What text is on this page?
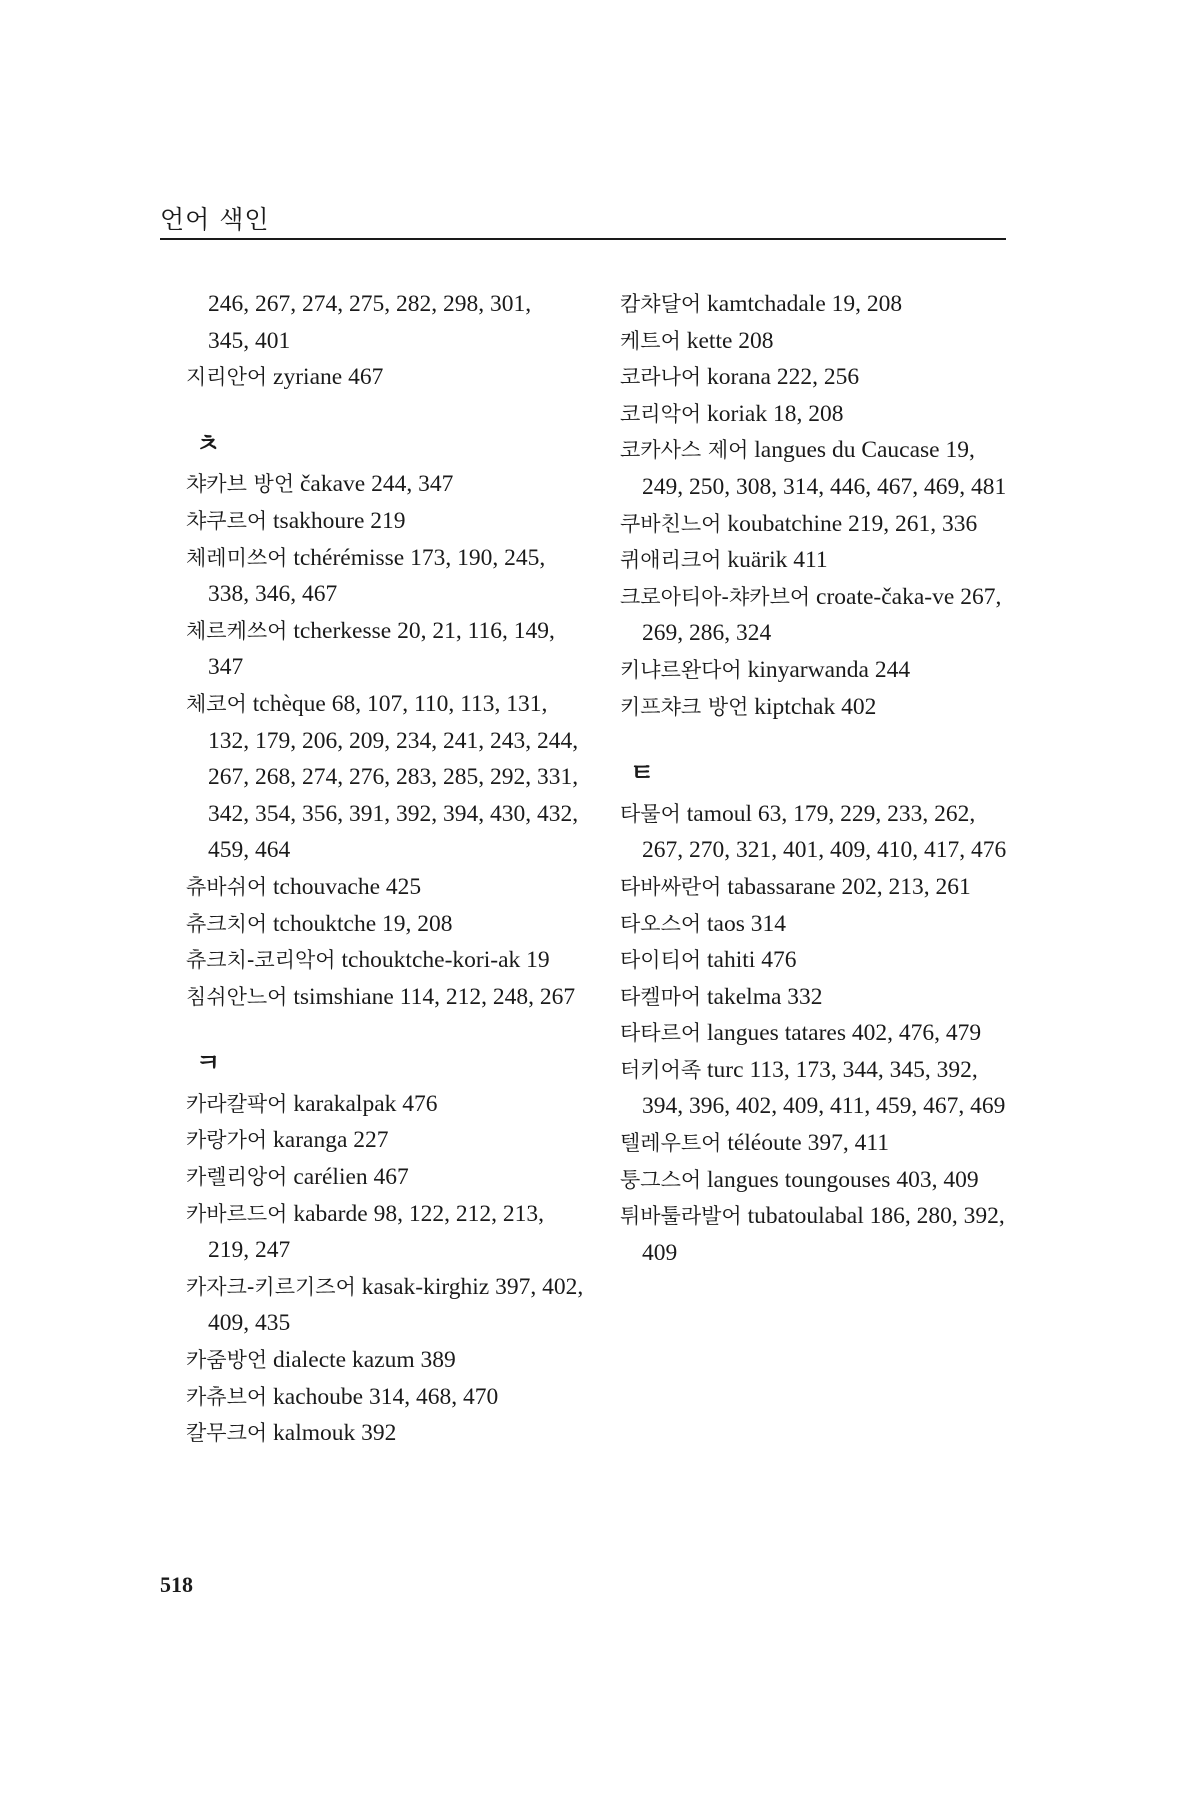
언어 색인
246, 267, 274, 275, 282, 298, 301,
345, 401
지리안어 zyriane 467
ㅊ
챠카브 방언 čakave 244, 347
챠쿠르어 tsakhoure 219
체레미쓰어 tchérémisse 173, 190, 245, 338, 346, 467
체르케쓰어 tcherkesse 20, 21, 116, 149, 347
체코어 tchèque 68, 107, 110, 113, 131, 132, 179, 206, 209, 234, 241, 243, 244, 267, 268, 274, 276, 283, 285, 292, 331, 342, 354, 356, 391, 392, 394, 430, 432, 459, 464
츄바쉬어 tchouvache 425
츄크치어 tchouktche 19, 208
츄크치-코리악어 tchouktche-kori-ak 19
침쉬안느어 tsimshiane 114, 212, 248, 267
ㅋ
카라칼팍어 karakalpak 476
카랑가어 karanga 227
카렐리앙어 carélien 467
카바르드어 kabarde 98, 122, 212, 213, 219, 247
카자크-키르기즈어 kasak-kirghiz 397, 402, 409, 435
카줌방언 dialecte kazum 389
카츄브어 kachoube 314, 468, 470
칼무크어 kalmouk 392
캄챠달어 kamtchadale 19, 208
케트어 kette 208
코라나어 korana 222, 256
코리악어 koriak 18, 208
코카사스 제어 langues du Caucase 19, 249, 250, 308, 314, 446, 467, 469, 481
쿠바친느어 koubatchine 219, 261, 336
퀴애리크어 kuärik 411
크로아티아-챠카브어 croate-čaka-ve 267, 269, 286, 324
키냐르완다어 kinyarwanda 244
키프챠크 방언 kiptchak 402
ㅌ
타물어 tamoul 63, 179, 229, 233, 262, 267, 270, 321, 401, 409, 410, 417, 476
타바싸란어 tabassarane 202, 213, 261
타오스어 taos 314
타이티어 tahiti 476
타켈마어 takelma 332
타타르어 langues tatares 402, 476, 479
터키어족 turc 113, 173, 344, 345, 392, 394, 396, 402, 409, 411, 459, 467, 469
텔레우트어 téléoute 397, 411
퉁그스어 langues toungouses 403, 409
튀바툴라발어 tubatoulabal 186, 280, 392, 409
518
